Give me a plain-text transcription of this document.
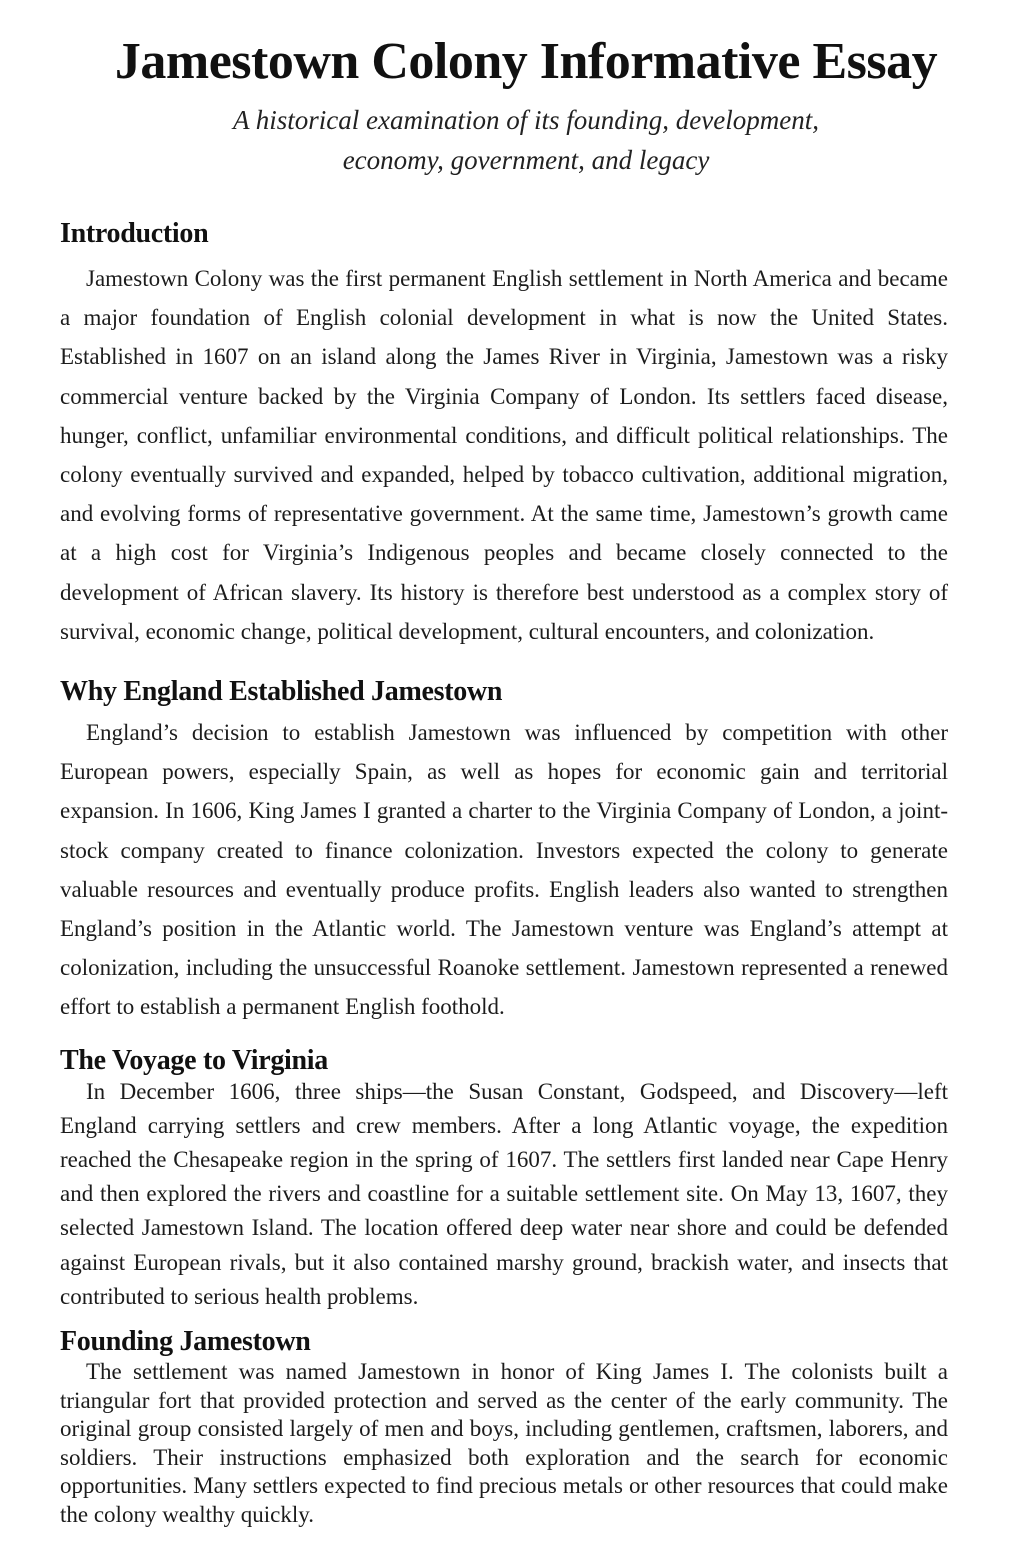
Jamestown Colony Informative Essay
A historical examination of its founding, development,
economy, government, and legacy
Introduction

Jamestown Colony was the first permanent English settlement in North America and became a major foundation of English colonial development in what is now the United States. Established in 1607 on an island along the James River in Virginia, Jamestown was a risky commercial venture backed by the Virginia Company of London. Its settlers faced disease, hunger, conflict, unfamiliar environmental conditions, and difficult political relationships. The colony eventually survived and expanded, helped by tobacco cultivation, additional migration, and evolving forms of representative government. At the same time, Jamestown’s growth came at a high cost for Virginia’s Indigenous peoples and became closely connected to the development of African slavery. Its history is therefore best understood as a complex story of survival, economic change, political development, cultural encounters, and colonization.

Why England Established Jamestown

England’s decision to establish Jamestown was influenced by competition with other European powers, especially Spain, as well as hopes for economic gain and territorial expansion. In 1606, King James I granted a charter to the Virginia Company of London, a joint-stock company created to finance colonization. Investors expected the colony to generate valuable resources and eventually produce profits. English leaders also wanted to strengthen England’s position in the Atlantic world. The Jamestown venture was England’s attempt at colonization, including the unsuccessful Roanoke settlement. Jamestown represented a renewed effort to establish a permanent English foothold.

The Voyage to Virginia

In December 1606, three ships—the Susan Constant, Godspeed, and Discovery—left England carrying settlers and crew members. After a long Atlantic voyage, the expedition reached the Chesapeake region in the spring of 1607. The settlers first landed near Cape Henry and then explored the rivers and coastline for a suitable settlement site. On May 13, 1607, they selected Jamestown Island. The location offered deep water near shore and could be defended against European rivals, but it also contained marshy ground, brackish water, and insects that contributed to serious health problems.

Founding Jamestown

The settlement was named Jamestown in honor of King James I. The colonists built a triangular fort that provided protection and served as the center of the early community. The original group consisted largely of men and boys, including gentlemen, craftsmen, laborers, and soldiers. Their instructions emphasized both exploration and the search for economic opportunities. Many settlers expected to find precious metals or other resources that could make the colony wealthy quickly.
